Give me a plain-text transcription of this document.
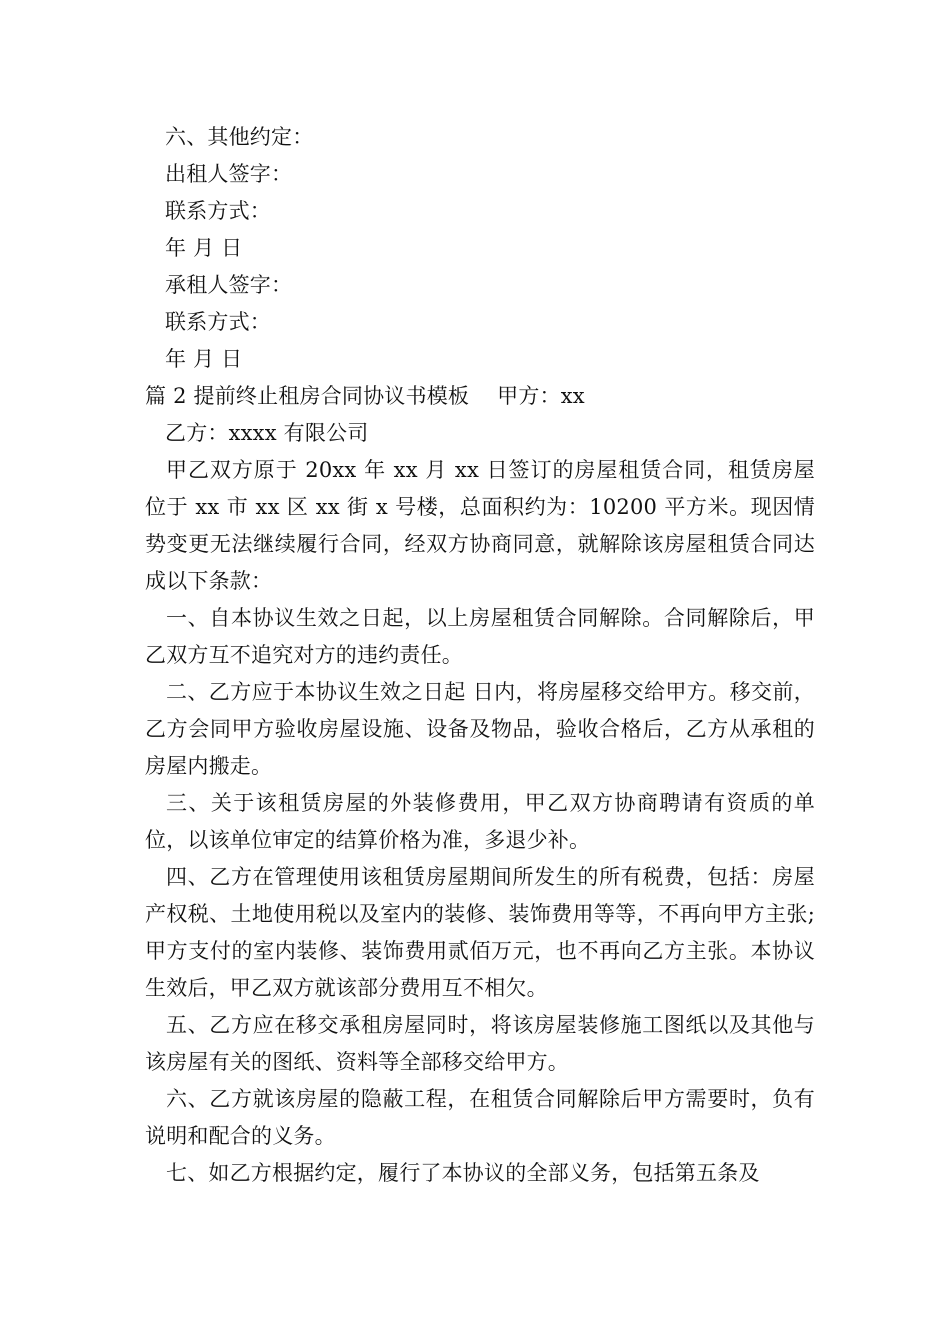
六、其他约定：
出租人签字：
联系方式：
年 月 日
承租人签字：
联系方式：
年 月 日
篇 2 提前终止租房合同协议书模板 甲方：xx
乙方：xxxx 有限公司

甲乙双方原于 20xx 年 xx 月 xx 日签订的房屋租赁合同，租赁房屋位于 xx 市 xx 区 xx 街 x 号楼，总面积约为：10200 平方米。现因情势变更无法继续履行合同，经双方协商同意，就解除该房屋租赁合同达成以下条款：

一、自本协议生效之日起，以上房屋租赁合同解除。合同解除后，甲乙双方互不追究对方的违约责任。

二、乙方应于本协议生效之日起 日内，将房屋移交给甲方。移交前，乙方会同甲方验收房屋设施、设备及物品，验收合格后，乙方从承租的房屋内搬走。

三、关于该租赁房屋的外装修费用，甲乙双方协商聘请有资质的单位，以该单位审定的结算价格为准，多退少补。

四、乙方在管理使用该租赁房屋期间所发生的所有税费，包括：房屋产权税、土地使用税以及室内的装修、装饰费用等等，不再向甲方主张;甲方支付的室内装修、装饰费用贰佰万元，也不再向乙方主张。本协议生效后，甲乙双方就该部分费用互不相欠。

五、乙方应在移交承租房屋同时，将该房屋装修施工图纸以及其他与该房屋有关的图纸、资料等全部移交给甲方。

六、乙方就该房屋的隐蔽工程，在租赁合同解除后甲方需要时，负有说明和配合的义务。

七、如乙方根据约定，履行了本协议的全部义务，包括第五条及
